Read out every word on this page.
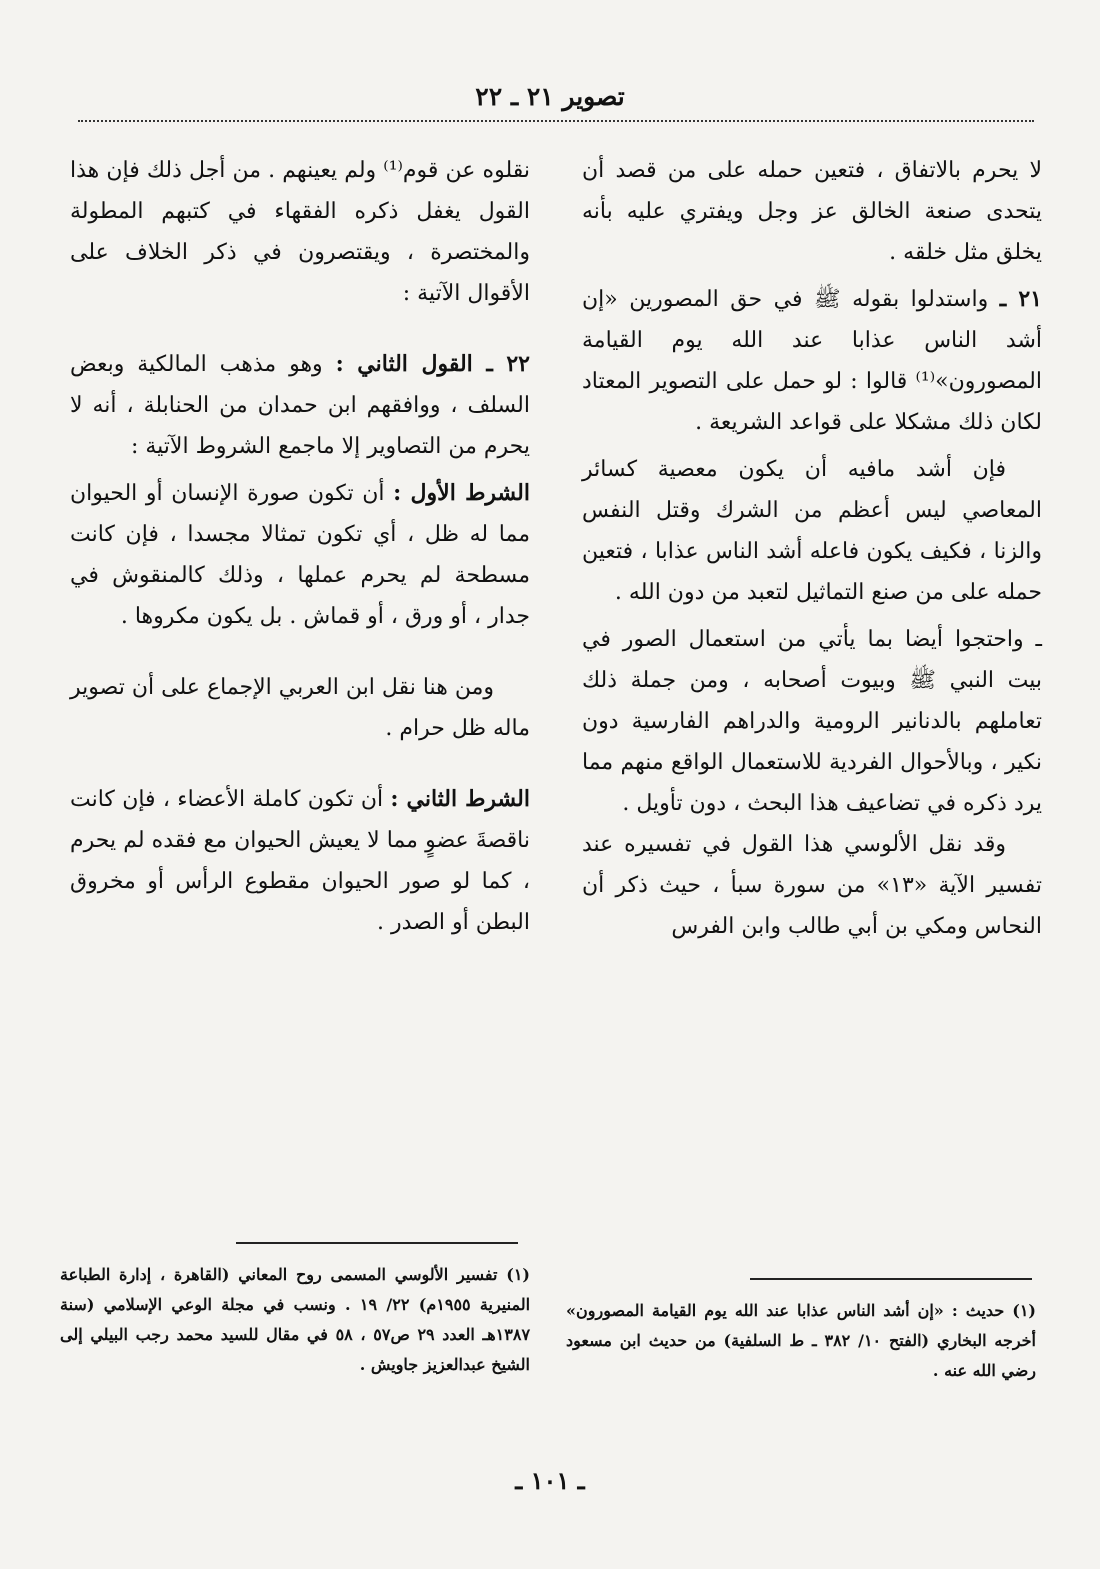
تصوير ٢١ ـ ٢٢

لا يحرم بالاتفاق ، فتعين حمله على من قصد أن يتحدى صنعة الخالق عز وجل ويفتري عليه بأنه يخلق مثل خلقه .

٢١ ـ واستدلوا بقوله ﷺ في حق المصورين «إن أشد الناس عذابا عند الله يوم القيامة المصورون»⁽¹⁾ قالوا : لو حمل على التصوير المعتاد لكان ذلك مشكلا على قواعد الشريعة .

فإن أشد مافيه أن يكون معصية كسائر المعاصي ليس أعظم من الشرك وقتل النفس والزنا ، فكيف يكون فاعله أشد الناس عذابا ، فتعين حمله على من صنع التماثيل لتعبد من دون الله .

ـ واحتجوا أيضا بما يأتي من استعمال الصور في بيت النبي ﷺ وبيوت أصحابه ، ومن جملة ذلك تعاملهم بالدنانير الرومية والدراهم الفارسية دون نكير ، وبالأحوال الفردية للاستعمال الواقع منهم مما يرد ذكره في تضاعيف هذا البحث ، دون تأويل .

وقد نقل الألوسي هذا القول في تفسيره عند تفسير الآية «١٣» من سورة سبأ ، حيث ذكر أن النحاس ومكي بن أبي طالب وابن الفرس

نقلوه عن قوم⁽¹⁾ ولم يعينهم . من أجل ذلك فإن هذا القول يغفل ذكره الفقهاء في كتبهم المطولة والمختصرة ، ويقتصرون في ذكر الخلاف على الأقوال الآتية :

٢٢ ـ القول الثاني : وهو مذهب المالكية وبعض السلف ، ووافقهم ابن حمدان من الحنابلة ، أنه لا يحرم من التصاوير إلا ماجمع الشروط الآتية :

الشرط الأول : أن تكون صورة الإنسان أو الحيوان مما له ظل ، أي تكون تمثالا مجسدا ، فإن كانت مسطحة لم يحرم عملها ، وذلك كالمنقوش في جدار ، أو ورق ، أو قماش . بل يكون مكروها .

ومن هنا نقل ابن العربي الإجماع على أن تصوير ماله ظل حرام .

الشرط الثاني : أن تكون كاملة الأعضاء ، فإن كانت ناقصةَ عضوٍ مما لا يعيش الحيوان مع فقده لم يحرم ، كما لو صور الحيوان مقطوع الرأس أو مخروق البطن أو الصدر .

(١) تفسير الألوسي المسمى روح المعاني (القاهرة ، إدارة الطباعة المنيرية ١٩٥٥م) ٢٢/ ١٩ . ونسب في مجلة الوعي الإسلامي (سنة ١٣٨٧هـ العدد ٢٩ ص٥٧ ، ٥٨ في مقال للسيد محمد رجب البيلي إلى الشيخ عبدالعزيز جاويش .
(١) حديث : «إن أشد الناس عذابا عند الله يوم القيامة المصورون» أخرجه البخاري (الفتح ١٠/ ٣٨٢ ـ ط السلفية) من حديث ابن مسعود رضي الله عنه .
ـ ١٠١ ـ
